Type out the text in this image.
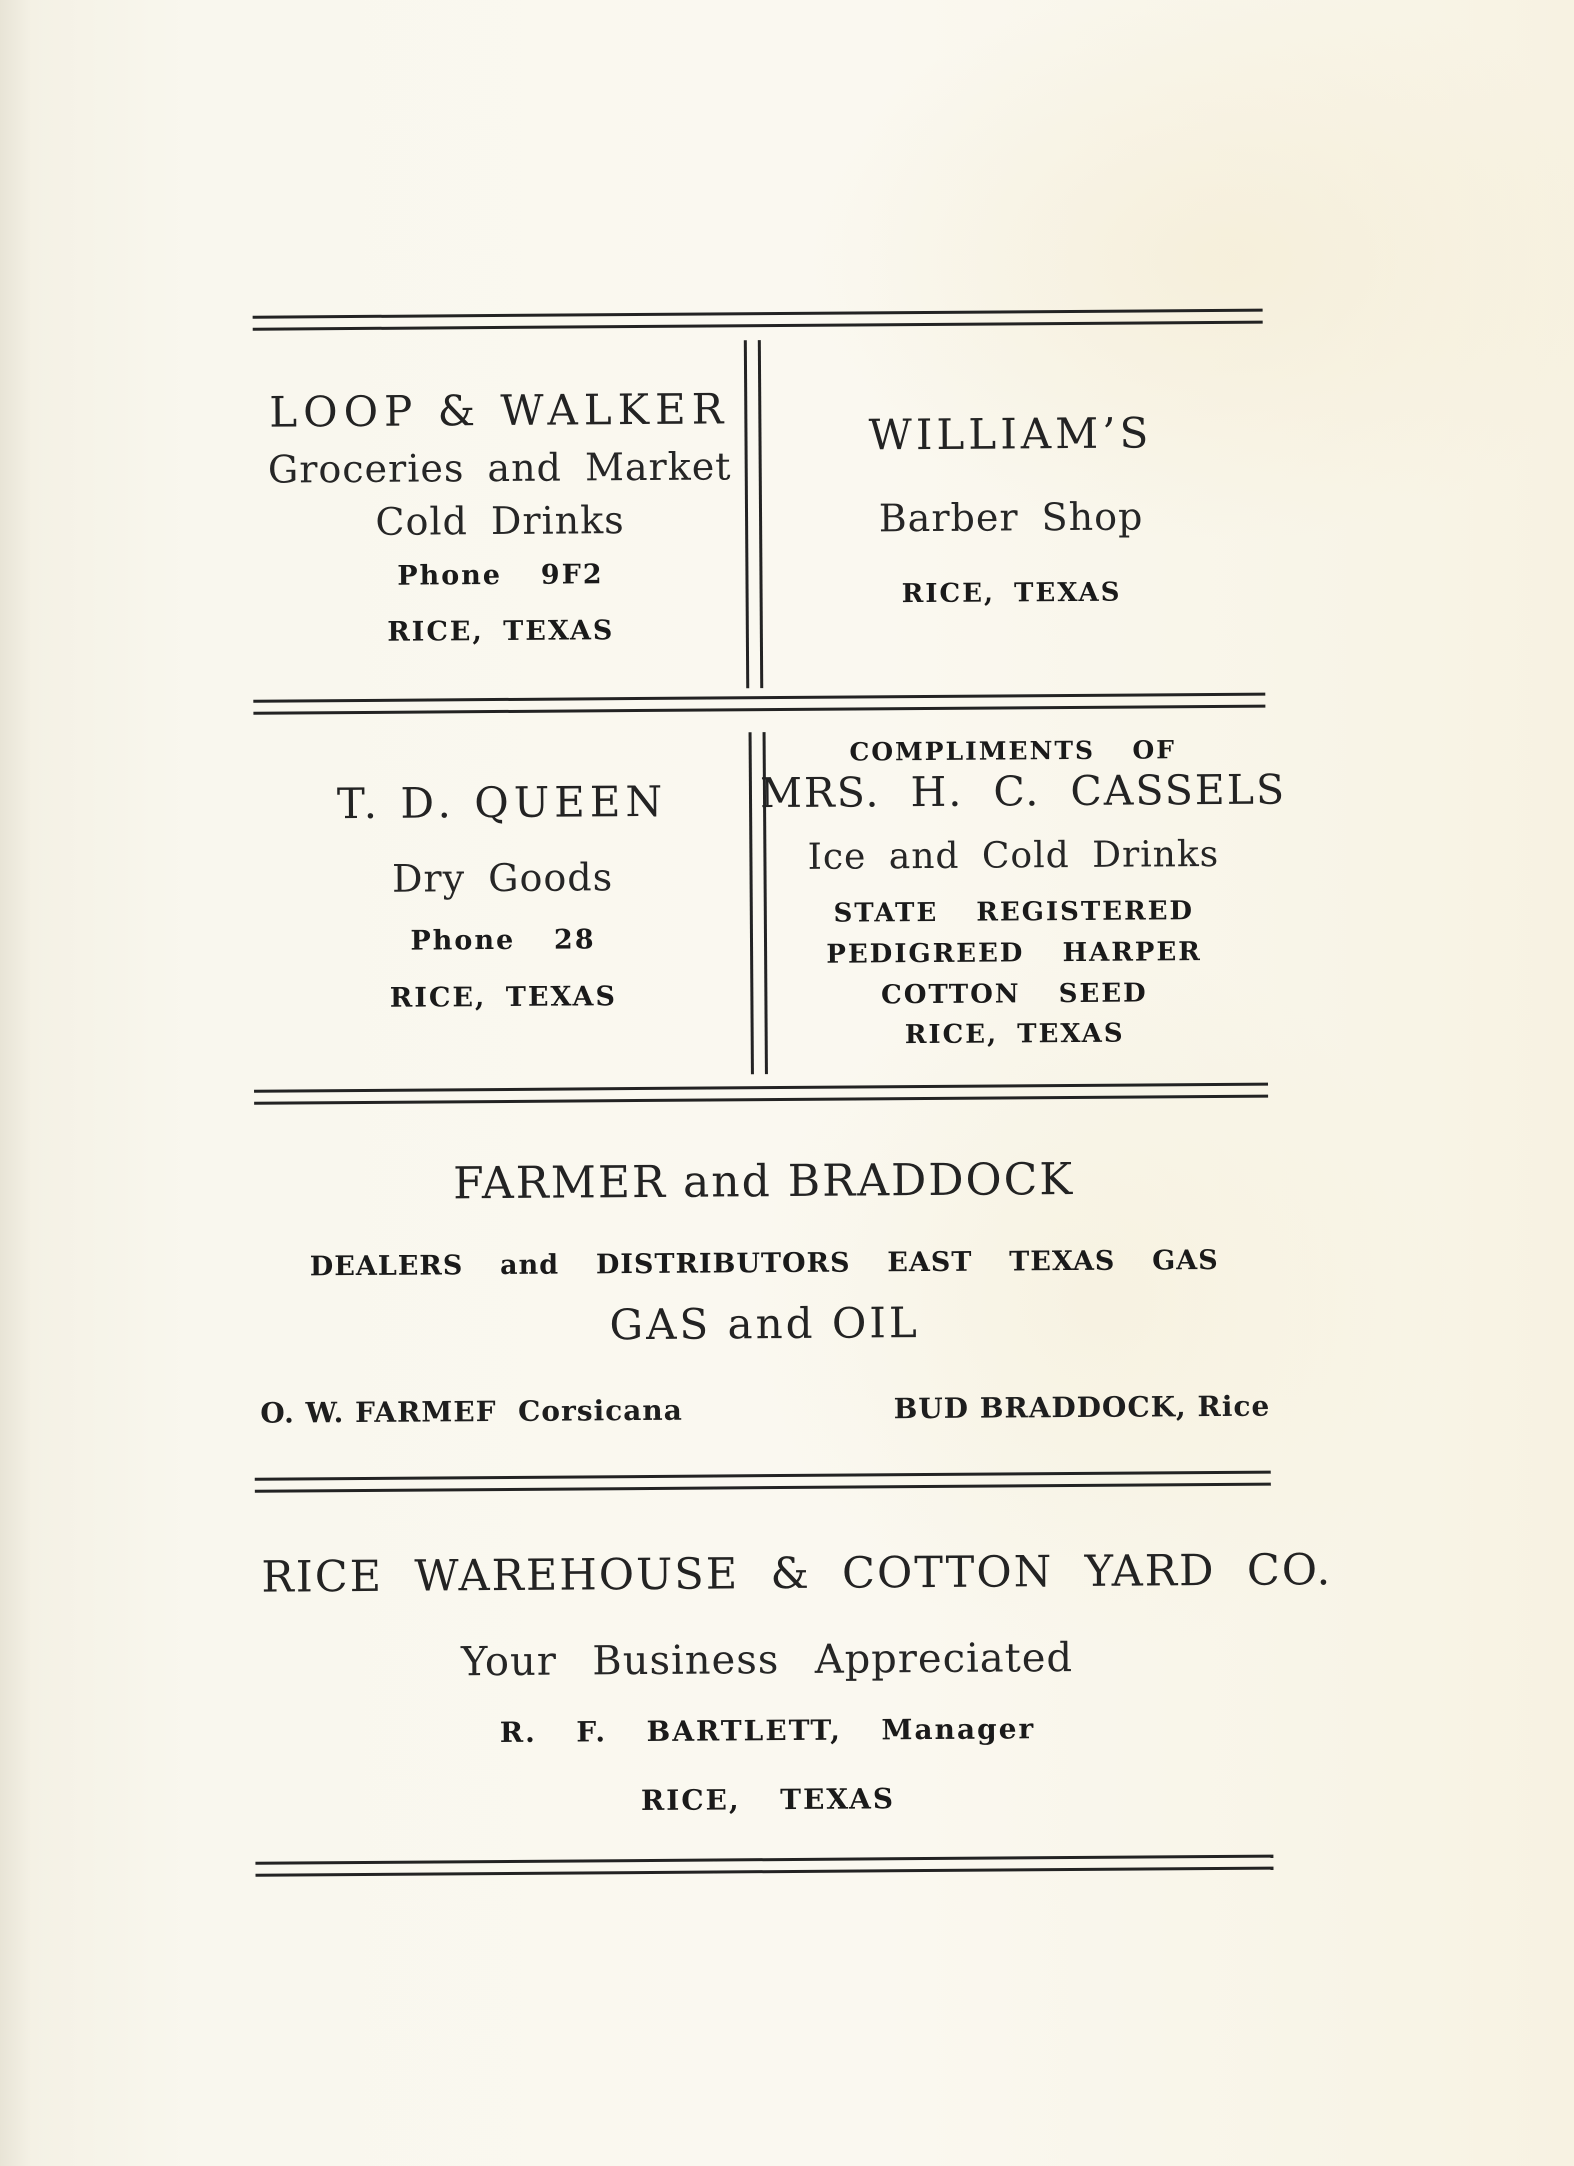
LOOP & WALKER
Groceries and Market
Cold Drinks
Phone  9F2
RICE, TEXAS
WILLIAM’S
Barber Shop
RICE, TEXAS
T. D. QUEEN
Dry Goods
Phone  28
RICE, TEXAS
COMPLIMENTS  OF
MRS.  H.  C.  CASSELS
Ice and Cold Drinks
STATE  REGISTERED
PEDIGREED  HARPER
COTTON  SEED
RICE, TEXAS
FARMER and BRADDOCK
DEALERS  and  DISTRIBUTORS  EAST  TEXAS  GAS
GAS and OIL
O. W. FARMEF  Corsicana	BUD BRADDOCK, Rice
RICE  WAREHOUSE  &  COTTON  YARD  CO.
Your  Business  Appreciated
R.  F.  BARTLETT,  Manager
RICE,  TEXAS
